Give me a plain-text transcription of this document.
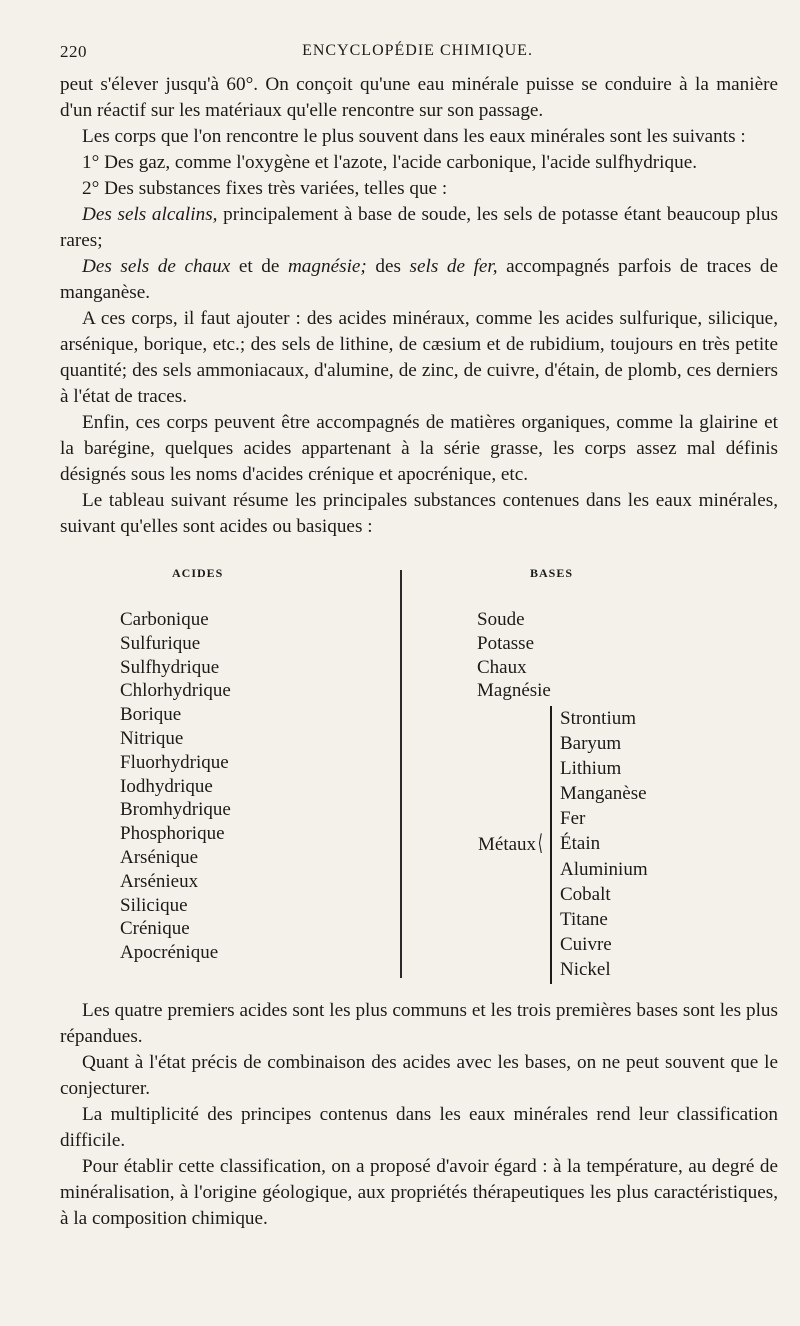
220	ENCYCLOPÉDIE CHIMIQUE.

peut s'élever jusqu'à 60°. On conçoit qu'une eau minérale puisse se conduire à la manière d'un réactif sur les matériaux qu'elle rencontre sur son passage.

Les corps que l'on rencontre le plus souvent dans les eaux minérales sont les suivants :

1° Des gaz, comme l'oxygène et l'azote, l'acide carbonique, l'acide sulfhydrique.

2° Des substances fixes très variées, telles que :

Des sels alcalins, principalement à base de soude, les sels de potasse étant beaucoup plus rares;

Des sels de chaux et de magnésie; des sels de fer, accompagnés parfois de traces de manganèse.

A ces corps, il faut ajouter : des acides minéraux, comme les acides sulfurique, silicique, arsénique, borique, etc.; des sels de lithine, de cæsium et de rubidium, toujours en très petite quantité; des sels ammoniacaux, d'alumine, de zinc, de cuivre, d'étain, de plomb, ces derniers à l'état de traces.

Enfin, ces corps peuvent être accompagnés de matières organiques, comme la glairine et la barégine, quelques acides appartenant à la série grasse, les corps assez mal définis désignés sous les noms d'acides crénique et apocrénique, etc.

Le tableau suivant résume les principales substances contenues dans les eaux minérales, suivant qu'elles sont acides ou basiques :

ACIDES	BASES
Carbonique
Sulfurique
Sulfhydrique
Chlorhydrique
Borique
Nitrique
Fluorhydrique
Iodhydrique
Bromhydrique
Phosphorique
Arsénique
Arsénieux
Silicique
Crénique
Apocrénique
Soude
Potasse
Chaux
Magnésie
Métaux ⟨
Strontium
Baryum
Lithium
Manganèse
Fer
Étain
Aluminium
Cobalt
Titane
Cuivre
Nickel

Les quatre premiers acides sont les plus communs et les trois premières bases sont les plus répandues.

Quant à l'état précis de combinaison des acides avec les bases, on ne peut souvent que le conjecturer.

La multiplicité des principes contenus dans les eaux minérales rend leur classification difficile.

Pour établir cette classification, on a proposé d'avoir égard : à la température, au degré de minéralisation, à l'origine géologique, aux propriétés thérapeutiques les plus caractéristiques, à la composition chimique.
